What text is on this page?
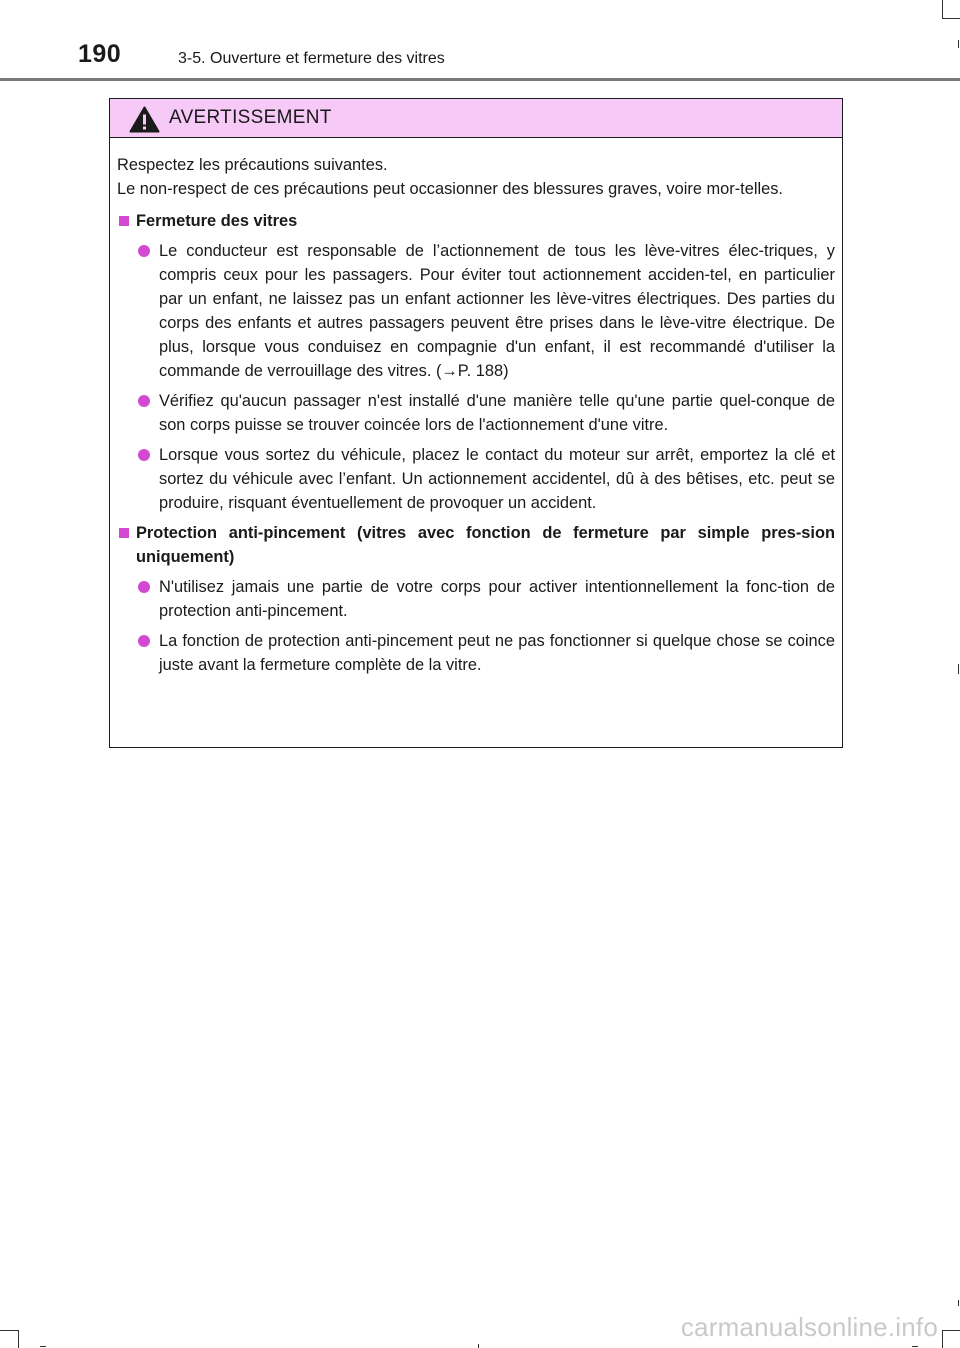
190	3-5. Ouverture et fermeture des vitres
AVERTISSEMENT

Respectez les précautions suivantes.

Le non-respect de ces précautions peut occasionner des blessures graves, voire mor-telles.

Fermeture des vitres
Le conducteur est responsable de l’actionnement de tous les lève-vitres élec-triques, y compris ceux pour les passagers. Pour éviter tout actionnement acciden-tel, en particulier par un enfant, ne laissez pas un enfant actionner les lève-vitres électriques. Des parties du corps des enfants et autres passagers peuvent être prises dans le lève-vitre électrique. De plus, lorsque vous conduisez en compagnie d'un enfant, il est recommandé d'utiliser la commande de verrouillage des vitres. (→P. 188)
Vérifiez qu'aucun passager n'est installé d'une manière telle qu'une partie quel-conque de son corps puisse se trouver coincée lors de l'actionnement d'une vitre.
Lorsque vous sortez du véhicule, placez le contact du moteur sur arrêt, emportez la clé et sortez du véhicule avec l’enfant. Un actionnement accidentel, dû à des bêtises, etc. peut se produire, risquant éventuellement de provoquer un accident.
Protection anti-pincement (vitres avec fonction de fermeture par simple pres-sion uniquement)
N'utilisez jamais une partie de votre corps pour activer intentionnellement la fonc-tion de protection anti-pincement.
La fonction de protection anti-pincement peut ne pas fonctionner si quelque chose se coince juste avant la fermeture complète de la vitre.
carmanualsonline.info
